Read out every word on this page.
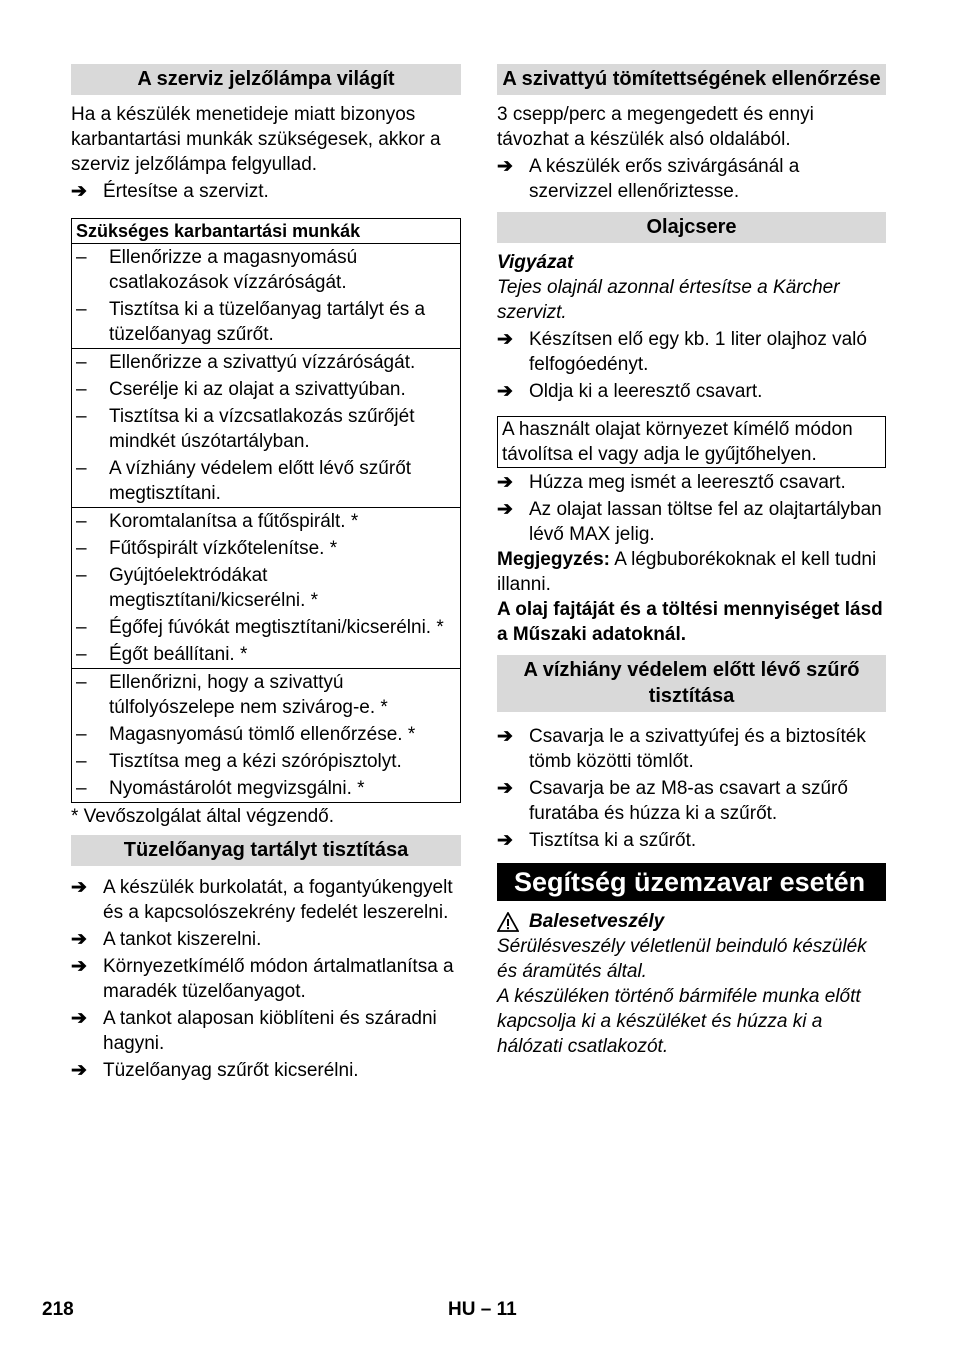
A szerviz jelzőlámpa világít

Ha a készülék menetideje miatt bizonyos karbantartási munkák szükségesek, akkor a szerviz jelzőlámpa felgyullad.

➔ Értesítse a szervizt.
Szükséges karbantartási munkák

–	Ellenőrizze a magasnyomású csatlakozások vízzáróságát.
–	Tisztítsa ki a tüzelőanyag tartályt és a tüzelőanyag szűrőt.

–	Ellenőrizze a szivattyú vízzáróságát.
–	Cserélje ki az olajat a szivattyúban.
–	Tisztítsa ki a vízcsatlakozás szűrőjét mindkét úszótartályban.
–	A vízhiány védelem előtt lévő szűrőt megtisztítani.

–	Koromtalanítsa a fűtőspirált. *
–	Fűtőspirált vízkőtelenítse. *
–	Gyújtóelektródákat megtisztítani/kicserélni. *
–	Égőfej fúvókát megtisztítani/kicserélni. *
–	Égőt beállítani. *

–	Ellenőrizni, hogy a szivattyú túlfolyószelepe nem szivárog-e. *
–	Magasnyomású tömlő ellenőrzése. *
–	Tisztítsa meg a kézi szórópisztolyt.
–	Nyomástárolót megvizsgálni. *
* Vevőszolgálat által végzendő.
Tüzelőanyag tartályt tisztítása
➔ A készülék burkolatát, a fogantyúkengyelt és a kapcsolószekrény fedelét leszerelni.
➔ A tankot kiszerelni.
➔ Környezetkímélő módon ártalmatlanítsa a maradék tüzelőanyagot.
➔ A tankot alaposan kiöblíteni és száradni hagyni.
➔ Tüzelőanyag szűrőt kicserélni.
A szivattyú tömítettségének ellenőrzése

3 csepp/perc a megengedett és ennyi távozhat a készülék alsó oldalából.

➔ A készülék erős szivárgásánál a szervizzel ellenőriztesse.
Olajcsere

Vigyázat

Tejes olajnál azonnal értesítse a Kärcher szervizt.

➔ Készítsen elő egy kb. 1 liter olajhoz való felfogóedényt.
➔ Oldja ki a leeresztő csavart.
A használt olajat környezet kímélő módon távolítsa el vagy adja le gyűjtőhelyen.
➔ Húzza meg ismét a leeresztő csavart.
➔ Az olajat lassan töltse fel az olajtartályban lévő MAX jelig.

Megjegyzés: A légbuborékoknak el kell tudni illanni.

A olaj fajtáját és a töltési mennyiséget lásd a Műszaki adatoknál.

A vízhiány védelem előtt lévő szűrő tisztítása
➔ Csavarja le a szivattyúfej és a biztosíték tömb közötti tömlőt.
➔ Csavarja be az M8-as csavart a szűrő furatába és húzza ki a szűrőt.
➔ Tisztítsa ki a szűrőt.
Segítség üzemzavar esetén
Balesetveszély

Sérülésveszély véletlenül beinduló készülék és áramütés által.

A készüléken történő bármiféle munka előtt kapcsolja ki a készüléket és húzza ki a hálózati csatlakozót.

218	HU – 11
